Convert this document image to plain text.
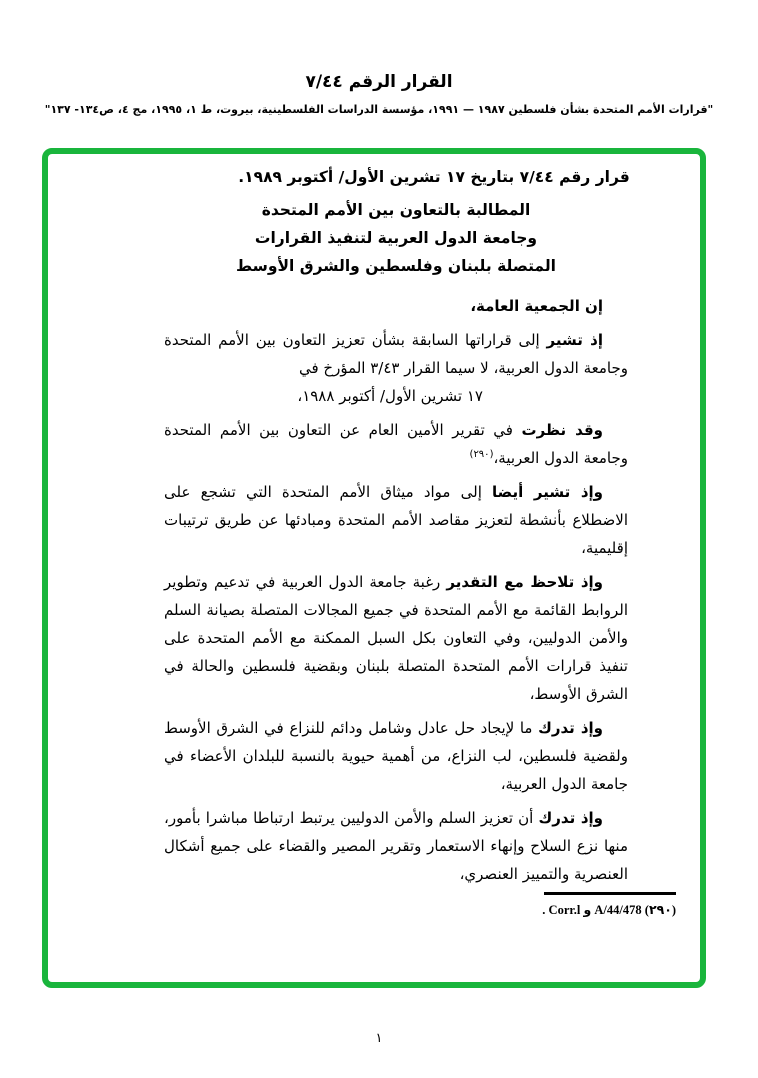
القرار الرقم ٧/٤٤
"قرارات الأمم المتحدة بشأن فلسطين ١٩٨٧ — ١٩٩١، مؤسسة الدراسات الفلسطينية، بيروت، ط ١، ١٩٩٥، مج ٤، ص١٣٤- ١٣٧"
قرار رقم ٧/٤٤ بتاريخ ١٧ تشرين الأول/ أكتوبر ١٩٨٩.
المطالبة بالتعاون بين الأمم المتحدة
وجامعة الدول العربية لتنفيذ القرارات
المتصلة بلبنان وفلسطين والشرق الأوسط

إن الجمعية العامة،

إذ تشير إلى قراراتها السابقة بشأن تعزيز التعاون بين الأمم المتحدة وجامعة الدول العربية، لا سيما القرار ٣/٤٣ المؤرخ في
١٧ تشرين الأول/ أكتوبر ١٩٨٨،

وقد نظرت في تقرير الأمين العام عن التعاون بين الأمم المتحدة وجامعة الدول العربية،$^{(٢٩٠)}$

وإذ تشير أيضا إلى مواد ميثاق الأمم المتحدة التي تشجع على الاضطلاع بأنشطة لتعزيز مقاصد الأمم المتحدة ومبادئها عن طريق ترتيبات إقليمية،

وإذ تلاحظ مع التقدير رغبة جامعة الدول العربية في تدعيم وتطوير الروابط القائمة مع الأمم المتحدة في جميع المجالات المتصلة بصيانة السلم والأمن الدوليين، وفي التعاون بكل السبل الممكنة مع الأمم المتحدة على تنفيذ قرارات الأمم المتحدة المتصلة بلبنان وبقضية فلسطين والحالة في الشرق الأوسط،

وإذ تدرك ما لإيجاد حل عادل وشامل ودائم للنزاع في الشرق الأوسط ولقضية فلسطين، لب النزاع، من أهمية حيوية بالنسبة للبلدان الأعضاء في جامعة الدول العربية،

وإذ تدرك أن تعزيز السلم والأمن الدوليين يرتبط ارتباطا مباشرا بأمور، منها نزع السلاح وإنهاء الاستعمار وتقرير المصير والقضاء على جميع أشكال العنصرية والتمييز العنصري،

(٢٩٠) A/44/478 و Corr.l .
١
